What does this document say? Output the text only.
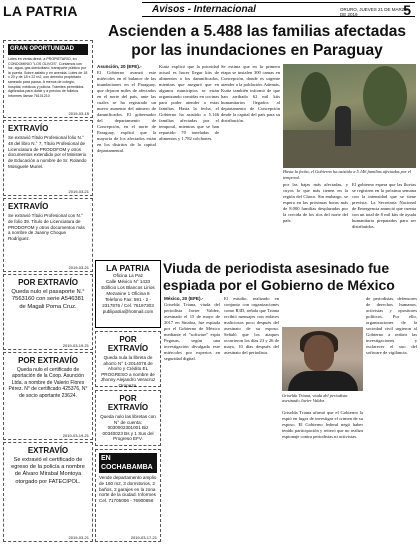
LA PATRIA	Avisos - Internacional	ORURO, JUEVES 21 DE MARZO DE 2019	5
GRAN OPORTUNIDAD
Lotes en venta direct. a PROPIETARIO, en CONDOMINIO "LOS OLIVOS". Contamos con luz, agua, gas domiciliario, transporte público por la puerta. Sobre asfalto y en avenida. Lotes de 18 x 20 y de 18 x 22 m2, con derecho propietario saneado para pausa. A menos de colegio, hospital, médicos y policía. Trámites permitidos. Agilizados para doble y a precios de folletos. Informes llamar 76101210
2019-03-15
EXTRAVÍO
Se extravió Título Profesional folio N.° 48 del libro N.° 7, Título Profesional de Licenciatura de PRODOFOM y otros documentos extendido por el Ministerio de Educación a nombre de Sr. Rolando Mosiguele Muriel.
2019-03-21
EXTRAVÍO
Se extravió Título Profesional con N.° de folio 39. Título de Licenciatura de PRODOFOM y otros documentos más a nombre de Juanny Choque Rodríguez.
2019-03-21
POR EXTRAVÍO
Queda nulo el pasaporte N.° 7563160 con serie A546381 de Magali Poma Cruz.
2019-03-19-21
POR EXTRAVÍO
Queda nulo el certificado de aportación de la Coop. Asunción Ltda. a nombre de Valerio Flores Pérez. N° de certificado 425376, N° de socio aportante 23624.
2019-03-19-21
EXTRAVÍO
Se extravió el certificado de egreso de la policía a nombre de Álvaro Mirabal Montoya otorgado por FATECIPOL.
2019-03-21
Ascienden a 5.488 las familias afectadas por las inundaciones en Paraguay
Asunción, 20 (EFE).-
El Gobierno avanzó este miércoles en el balance de las inundaciones en el Paraguay, que dejaron miles de afectados en el norte del país, ante las cuales se ha registrado un nuevo aumento del número de damnificados. El gobernador del departamento de Concepción, en el norte de Paraguay, explicó que la mayoría de los afectados están en los distritos de la capital departamental.
Kuttz explicó que la prioridad actual es hacer llegar kits de alimentos a los damnificados, mientras que aseguró que en algunos municipios se están organizando comidas en cocinas para poder atender a estas familias. Hasta la fecha, el Gobierno ha asistido a 5.146 familias afectadas por el temporal, mientras que se han repartido 70 toneladas de alimentos y 1.782 colchones.
Se estima que en la primera etapa se instalen 300 camas en Concepción, donde es urgente atender a la población. Además, Kuttz también informó de que han arribado 62 mil kits humanitarios llegados al departamento de Concepción desde la capital del país para su distribución.
Hasta la fecha, el Gobierno ha asistido a 5.146 familias afectadas por el temporal.
por las bajas más afectadas, y cuyos lo que más tienen en la región del Chaco. Sin embargo, se espera en las próximas horas más de 8.000 familias desplazadas por la crecida de los ríos del norte del país.
El gobierno espera que las lluvias se registren en la próxima semana con la intensidad que se tiene prevista. La Secretaría Nacional de Emergencia anunció que cuenta con un total de 8 mil kits de ayuda humanitaria preparados para ser distribuidos.
LA PATRIA
Oficina La Paz
Calle México N° 1433
Edificio Los Blancos Lirios
Mezanine 1 Oficina 8
Telefono Fax: 591 - 2 -
2317876 / Cel. 76197303
publipatria@hotmail.com
Viuda de periodista asesinado fue espiada por el Gobierno de México
POR EXTRAVÍO
Queda nula la libreta de ahorro N° 1-2014078 de Ahorro y Crédito EL PROGRESO a nombre de Jhonny Alejandro Veracruz Oropeza.
POR EXTRAVÍO
Queda nulo las libretas con N° de cuenta: 0030002301001 Biz 00340023 Bs y 1 Sus del Progreso EFV.
EN COCHABAMBA
Vende departamento amplio de 160 m2, 3 dormitorios, 2 baños, 2 garajes en la zona norte de la ciudad. Informes Cel. 71705006 - 76900656
2019-03-17-21
México, 20 (EFE).-
Griselda Triana, viuda del periodista Javier Valdez, asesinado el 15 de mayo de 2017 en Sinaloa, fue espiada por el Gobierno de México mediante el "software" espía Pegasus, según una investigación divulgada este miércoles por expertos en seguridad digital.
El estudio, realizado en conjunto con organizaciones como R3D, señala que Triana recibió mensajes con enlaces maliciosos poco después del asesinato de su esposo. Señaló que los ataques ocurrieron los días 23 y 26 de mayo, 10 días después del asesinato del periodista.
Griselda Triana, viuda del periodista asesinado Javier Valdez.
Griselda Triana afirmó que el Gobierno la espió en lugar de investigar el crimen de su esposo. El Gobierno federal negó haber tenido participación y reiteró que no realiza espionaje contra periodistas ni activistas.
de periodistas, defensores de derechos humanos, activistas y opositores políticos. Por ello, organizaciones de la sociedad civil urgieron al Gobierno a reabrir las investigaciones y esclarecer el uso del software de vigilancia.
